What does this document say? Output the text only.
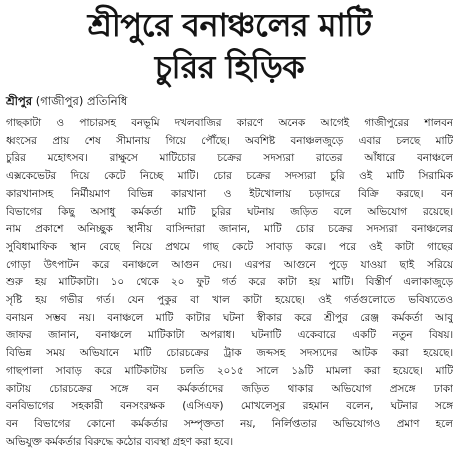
শ্রীপুরে বনাঞ্চলের মাটি
চুরির হিড়িক
শ্রীপুর (গাজীপুর) প্রতিনিধি
গাছকাটা ও পাচারসহ বনভূমি দখলবাজির কারণে অনেক আগেই গাজীপুরের শালবন
ধ্বংসের প্রায় শেষ সীমানায় গিয়ে পৌঁছে। অবশিষ্ট বনাঞ্চলজুড়ে এবার চলছে মাটি
চুরির মহোৎসব। রাক্ষুসে মাটিচোর চক্রের সদস্যরা রাতের আঁধারে বনাঞ্চলে
এক্সকেভেটর দিয়ে কেটে নিচ্ছে মাটি। চোর চক্রের সদস্যরা চুরি ওই মাটি সিরামিক
কারখানাসহ নির্মীয়মাণ বিভিন্ন কারখানা ও ইটখোলায় চড়াদরে বিক্রি করছে। বন
বিভাগের কিছু অসাধু কর্মকর্তা মাটি চুরির ঘটনায় জড়িত বলে অভিযোগ রয়েছে।
নাম প্রকাশে অনিচ্ছুক স্থানীয় বাসিন্দারা জানান, মাটি চোর চক্রের সদস্যরা বনাঞ্চলের
সুবিধামাফিক স্থান বেছে নিয়ে প্রথমে গাছ কেটে সাবাড় করে। পরে ওই কাটা গাছের
গোড়া উৎপাটন করে বনাঞ্চলে আগুন দেয়। এরপর আগুনে পুড়ে যাওয়া ছাই সরিয়ে
শুরু হয় মাটিকাটা। ১০ থেকে ২০ ফুট গর্ত করে কাটা হয় মাটি। বিস্তীর্ণ এলাকাজুড়ে
সৃষ্টি হয় গভীর গর্ত। যেন পুকুর বা খাল কাটা হয়েছে। ওই গর্তগুলোতে ভবিষ্যতেও
বনায়ন সম্ভব নয়। বনাঞ্চলে মাটি কাটার ঘটনা স্বীকার করে শ্রীপুর রেঞ্জ কর্মকর্তা আবু
জাফর জানান, বনাঞ্চলে মাটিকাটা অপরাধ। ঘটনাটি একেবারে একটি নতুন বিষয়।
বিভিন্ন সময় অভিযানে মাটি চোরচক্রের ট্রাক জব্দসহ সদস্যদের আটক করা হয়েছে।
গাছপালা সাবাড় করে মাটিকাটায় চলতি ২০১৫ সালে ১৯টি মামলা করা হয়েছে। মাটি
কাটায় চোরচক্রের সঙ্গে বন কর্মকর্তাদের জড়িত থাকার অভিযোগ প্রসঙ্গে ঢাকা
বনবিভাগের সহকারী বনসংরক্ষক (এসিএফ) মোখলেসুর রহমান বলেন, ঘটনার সঙ্গে
বন বিভাগের কোনো কর্মকর্তার সম্পৃক্ততা নয়, নির্লিপ্ততার অভিযোগও প্রমাণ হলে
অভিযুক্ত কর্মকর্তার বিরুদ্ধে কঠোর ব্যবস্থা গ্রহণ করা হবে।
